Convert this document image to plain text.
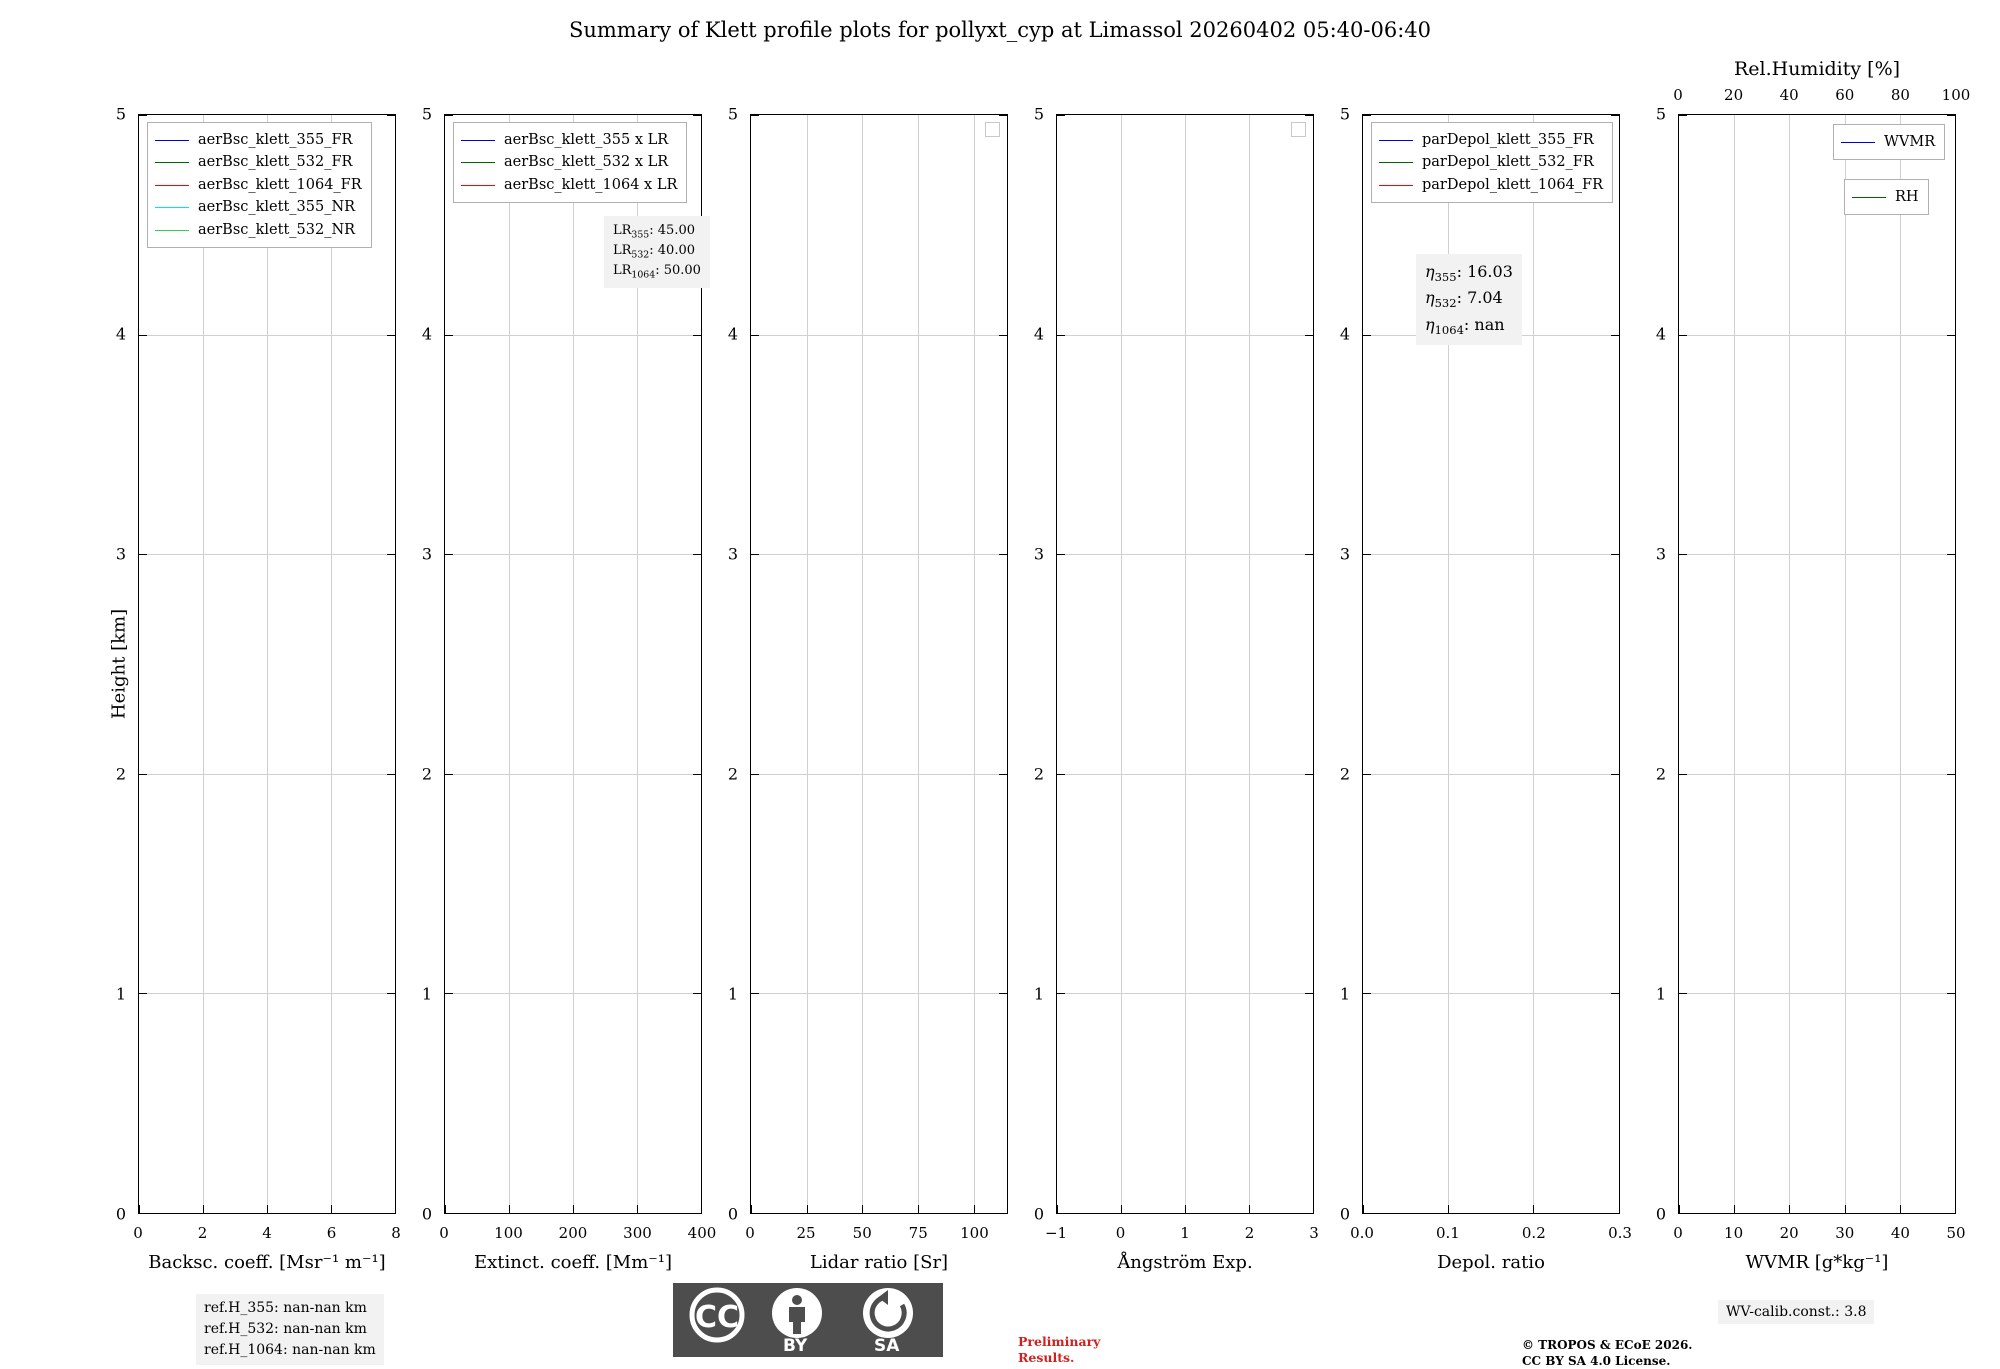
Summary of Klett profile plots for pollyxt_cyp at Limassol 20260402 05:40-06:40
Height [km]
5
4
3
2
1
0
0	2	4	6	8
Backsc. coeff. [Msr⁻¹ m⁻¹]
aerBsc_klett_355_FR
aerBsc_klett_532_FR
aerBsc_klett_1064_FR
aerBsc_klett_355_NR
aerBsc_klett_532_NR
5
4
3
2
1
0
0	100 200 300 400
Extinct. coeff. [Mm⁻¹]
aerBsc_klett_355 x LR
aerBsc_klett_532 x LR
aerBsc_klett_1064 x LR
$LR_{355}$: 45.00
$LR_{532}$: 40.00
$LR_{1064}$: 50.00
5
4
3
2
1
0
0	25 50 75 100
Lidar ratio [Sr]
5
4
3
2
1
0
−1	0	1	2	3
Ångström Exp.
5
4
3
2
1
0
0.0	0.1	0.2	0.3
Depol. ratio
parDepol_klett_355_FR
parDepol_klett_532_FR
parDepol_klett_1064_FR
$\eta_{355}$: 16.03
$\eta_{532}$: 7.04
$\eta_{1064}$: nan
5
4
3
2
1
0
0	10 20 30 40 50
WVMR [g*kg⁻¹]
0	20 40 60 80 100
Rel.Humidity [%]
WVMR
RH
ref.H_355: nan-nan km
ref.H_532: nan-nan km
ref.H_1064: nan-nan km
WV-calib.const.: 3.8
Preliminary
Results.
© TROPOS & ECoE 2026.
CC BY SA 4.0 License.
CC
BY	SA
